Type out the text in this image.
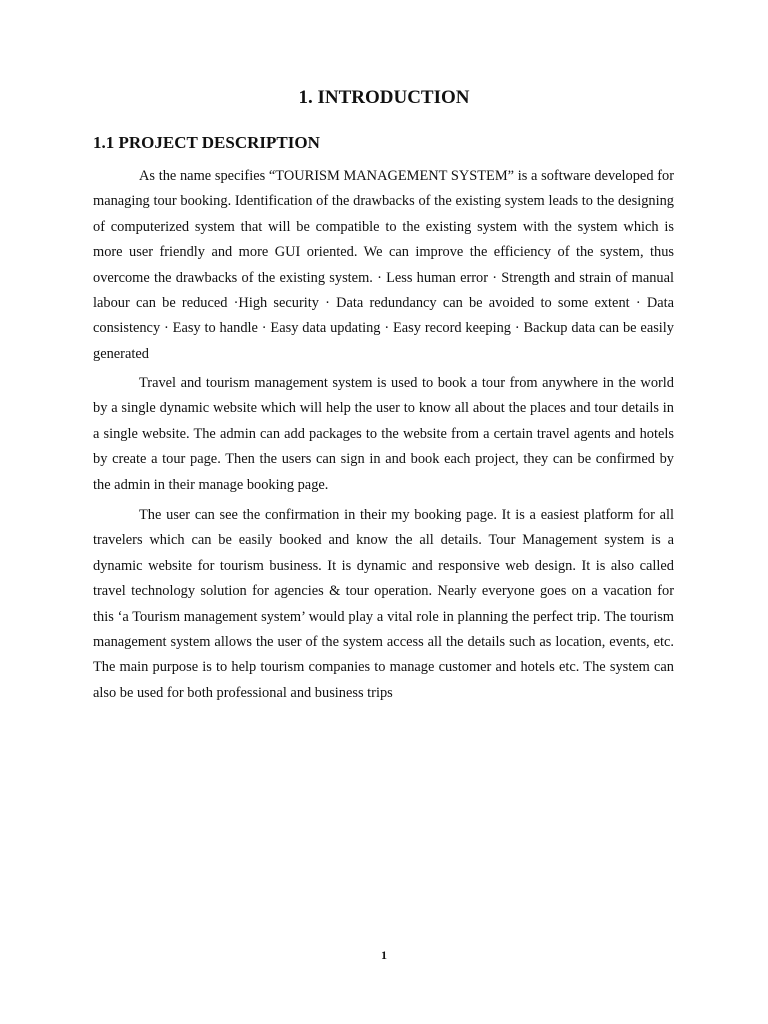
1. INTRODUCTION
1.1 PROJECT DESCRIPTION

As the name specifies “TOURISM MANAGEMENT SYSTEM” is a software developed for managing tour booking. Identification of the drawbacks of the existing system leads to the designing of computerized system that will be compatible to the existing system with the system which is more user friendly and more GUI oriented. We can improve the efficiency of the system, thus overcome the drawbacks of the existing system. · Less human error · Strength and strain of manual labour can be reduced ·High security · Data redundancy can be avoided to some extent · Data consistency · Easy to handle · Easy data updating · Easy record keeping · Backup data can be easily generated

Travel and tourism management system is used to book a tour from anywhere in the world by a single dynamic website which will help the user to know all about the places and tour details in a single website. The admin can add packages to the website from a certain travel agents and hotels by create a tour page. Then the users can sign in and book each project, they can be confirmed by the admin in their manage booking page.

The user can see the confirmation in their my booking page. It is a easiest platform for all travelers which can be easily booked and know the all details. Tour Management system is a dynamic website for tourism business. It is dynamic and responsive web design. It is also called travel technology solution for agencies & tour operation. Nearly everyone goes on a vacation for this ‘a Tourism management system’ would play a vital role in planning the perfect trip. The tourism management system allows the user of the system access all the details such as location, events, etc. The main purpose is to help tourism companies to manage customer and hotels etc. The system can also be used for both professional and business trips

1
